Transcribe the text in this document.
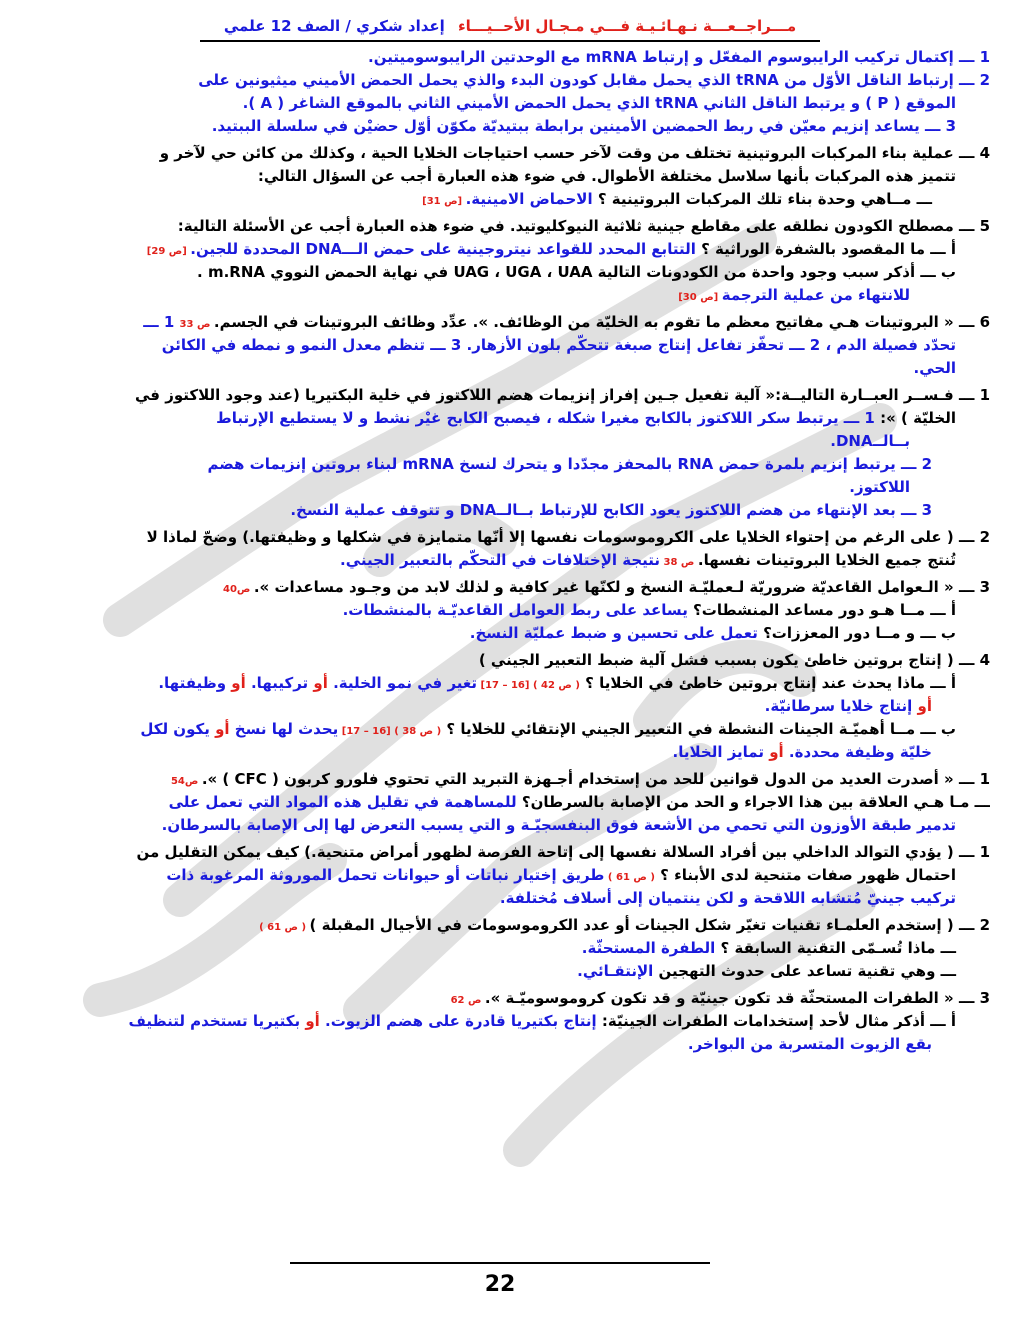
مـــراجــعـــة نـهـائـيـة فـــي مـجـال الأحــيـــاء إعداد شكري / الصف 12 علمي
1 ـــ إكتمال تركيب الرايبوسوم المفعّل و إرتباط mRNA مع الوحدتين الرايبوسوميتين.
2 ـــ إرتباط الناقل الأوّل من tRNA الذي يحمل مقابل كودون البدء والذي يحمل الحمض الأميني ميثيونين على
الموقع ( P ) و يرتبط الناقل الثاني tRNA الذي يحمل الحمض الأميني الثاني بالموقع الشاغر ( A ).
3 ـــ يساعد إنزيم معيّن في ربط الحمضين الأمينين برابطة ببتيديّة مكوّن أوّل حضيْن في سلسلة الببتيد.
4 ـــ عملية بناء المركبات البروتينية تختلف من وقت لآخر حسب احتياجات الخلايا الحية ، وكذلك من كائن حي لآخر و
تتميز هذه المركبات بأنها سلاسل مختلفة الأطوال. في ضوء هذه العبارة أجب عن السؤال التالي:
ـــ مــاهي وحدة بناء تلك المركبات البروتينية ؟ الاحماض الامينية. [ص 31]
5 ـــ مصطلح الكودون نطلقه على مقاطع جينية ثلاثية النيوكليوتيد. في ضوء هذه العبارة أجب عن الأسئلة التالية:
أ ـــ ما المقصود بالشفرة الوراثية ؟ التتابع المحدد للقواعد نيتروجينية على حمض الـــDNA المحددة للجين. [ص 29]
ب ـــ أذكر سبب وجود واحدة من الكودونات التالية UAG ، UGA ، UAA في نهاية الحمض النووي m.RNA .
للانتهاء من عملية الترجمة [ص 30]
6 ـــ « البروتينات هـي مفاتيح معظم ما تقوم به الخليّة من الوظائف. ». عدِّد وظائف البروتينات في الجسم. ص 33 1 ـــ
تحدّد فصيلة الدم ، 2 ـــ تحفّز تفاعل إنتاج صبغة تتحكّم بلون الأزهار. 3 ـــ تنظم معدل النمو و نمطه في الكائن
الحي.
1 ـــ فـســر العبــارة التاليــة:« آلية تفعيل جـين إفراز إنزيمات هضم اللاكتوز في خلية البكتيريا (عند وجود اللاكتوز في
الخليّة ) »: 1 ـــ يرتبط سكر اللاكتوز بالكابح مغيرا شكله ، فيصبح الكابح غيْر نشط و لا يستطيع الإرتباط
بــالــDNA.
2 ـــ يرتبط إنزيم بلمرة حمض RNA بالمحفز مجدّدا و يتحرك لنسخ mRNA لبناء بروتين إنزيمات هضم
اللاكتوز.
3 ـــ بعد الإنتهاء من هضم اللاكتوز يعود الكابح للإرتباط بــالــDNA و تتوقف عملية النسخ.
2 ـــ ( على الرغم من إحتواء الخلايا على الكروموسومات نفسها إلا أنّها متمايزة في شكلها و وظيفتها.) وضحّ لماذا لا
تُنتج جميع الخلايا البروتينات نفسها. ص 38 نتيجة الإختلافات في التحكّم بالتعبير الجيني.
3 ـــ « الـعوامل القاعديّة ضروريّة لـعمليّـة النسخ و لكنّها غير كافية و لذلك لابد من وجـود مساعدات ». ص40
أ ـــ مــا هـو دور مساعد المنشطات؟ يساعد على ربط العوامل القاعديّـة بالمنشطات.
ب ـــ و مــا دور المعززات؟ تعمل على تحسين و ضبط عمليّة النسخ.
4 ـــ ( إنتاج بروتين خاطئ يكون بسبب فشل آلية ضبط التعبير الجيني )
أ ـــ ماذا يحدث عند إنتاج بروتين خاطئ في الخلايا ؟ ( ص 42 ) [16 – 17] تغير في نمو الخلية. أو تركيبها. أو وظيفتها.
أو إنتاج خلايا سرطانيّة.
ب ـــ مــا أهميّـة الجينات النشطة في التعبير الجيني الإنتقائي للخلايا ؟ ( ص 38 ) [16 – 17] يحدث لها نسخ أو يكون لكل
خليّة وظيفة محددة. أو تمايز الخلايا.
1 ـــ « أصدرت العديد من الدول قوانين للحد من إستخدام أجـهزة التبريد التي تحتوي فلورو كربون ( CFC ) ». ص54
ـــ مـا هـي العلاقة بين هذا الاجراء و الحد من الإصابة بالسرطان؟ للمساهمة في تقليل هذه المواد التي تعمل على
تدمير طبقة الأوزون التي تحمي من الأشعة فوق البنفسجيّـة و التي يسبب التعرض لها إلى الإصابة بالسرطان.
1 ـــ ( يؤدي التوالد الداخلي بين أفراد السلالة نفسها إلى إتاحة الفرصة لظهور أمراض متنحية.) كيف يمكن التقليل من
احتمال ظهور صفات متنحية لدى الأبناء ؟ ( ص 61 ) طريق إختيار نباتات أو حيوانات تحمل الموروثة المرغوبة ذات
تركيب جينيّ مُتشابه اللاقحة و لكن ينتميان إلى أسلاف مُختلفة.
2 ـــ ( إستخدم العلمـاء تقنيات تغيّر شكل الجينات أو عدد الكروموسومات في الأجيال المقبلة ) ( ص 61 )
ـــ ماذا تُسـمّى التقنية السابقة ؟ الطفرة المستحثّة.
ـــ وهي تقنية تساعد على حدوث التهجين الإنتقـائي.
3 ـــ « الطفرات المستحثّة قد تكون جينيّة و قد تكون كروموسوميّـة ». ص 62
أ ـــ أذكر مثال لأحد إستخدامات الطفرات الجينيّة: إنتاج بكتيريا قادرة على هضم الزيوت. أو بكتيريا تستخدم لتنظيف
بقع الزيوت المتسربة من البواخر.
22
